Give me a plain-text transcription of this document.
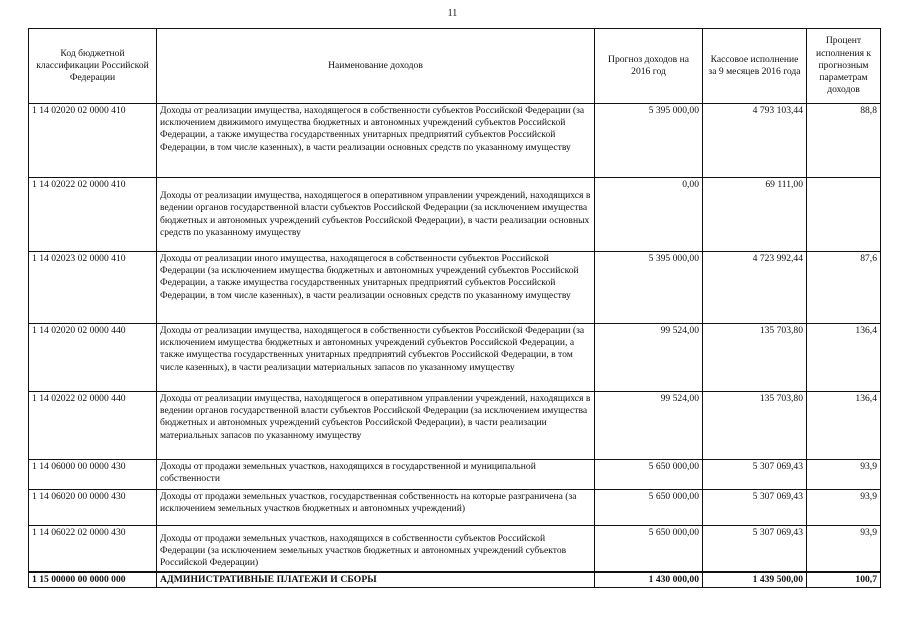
11
Код бюджетной классификации Российской Федерации	Наименование доходов	Прогноз доходов на 2016 год	Кассовое исполнение за 9 месяцев 2016 года	Процент исполнения к прогнозным параметрам доходов
1 14 02020 02 0000 410	Доходы от реализации имущества, находящегося в собственности субъектов Российской Федерации (за исключением движимого имущества бюджетных и автономных учреждений субъектов Российской Федерации, а также имущества государственных унитарных предприятий субъектов Российской Федерации, в том числе казенных), в части реализации основных средств по указанному имуществу	5 395 000,00	4 793 103,44	88,8
1 14 02022 02 0000 410	Доходы от реализации имущества, находящегося в оперативном управлении учреждений, находящихся в ведении органов государственной власти субъектов Российской Федерации (за исключением имущества бюджетных и автономных учреждений субъектов Российской Федерации), в части реализации основных средств по указанному имуществу	0,00	69 111,00	
1 14 02023 02 0000 410	Доходы от реализации иного имущества, находящегося в собственности субъектов Российской Федерации (за исключением имущества бюджетных и автономных учреждений субъектов Российской Федерации, а также имущества государственных унитарных предприятий субъектов Российской Федерации, в том числе казенных), в части реализации основных средств по указанному имуществу	5 395 000,00	4 723 992,44	87,6
1 14 02020 02 0000 440	Доходы от реализации имущества, находящегося в собственности субъектов Российской Федерации (за исключением имущества бюджетных и автономных учреждений субъектов Российской Федерации, а также имущества государственных унитарных предприятий субъектов Российской Федерации, в том числе казенных), в части реализации материальных запасов по указанному имуществу	99 524,00	135 703,80	136,4
1 14 02022 02 0000 440	Доходы от реализации имущества, находящегося в оперативном управлении учреждений, находящихся в ведении органов государственной власти субъектов Российской Федерации (за исключением имущества бюджетных и автономных учреждений субъектов Российской Федерации), в части реализации материальных запасов по указанному имуществу	99 524,00	135 703,80	136,4
1 14 06000 00 0000 430	Доходы от продажи земельных участков, находящихся в государственной и муниципальной собственности	5 650 000,00	5 307 069,43	93,9
1 14 06020 00 0000 430	Доходы от продажи земельных участков, государственная собственность на которые разграничена (за исключением земельных участков бюджетных и автономных учреждений)	5 650 000,00	5 307 069,43	93,9
1 14 06022 02 0000 430	Доходы от продажи земельных участков, находящихся в собственности субъектов Российской Федерации (за исключением земельных участков бюджетных и автономных учреждений субъектов Российской Федерации)	5 650 000,00	5 307 069,43	93,9
1 15 00000 00 0000 000	АДМИНИСТРАТИВНЫЕ ПЛАТЕЖИ И СБОРЫ	1 430 000,00	1 439 500,00	100,7
